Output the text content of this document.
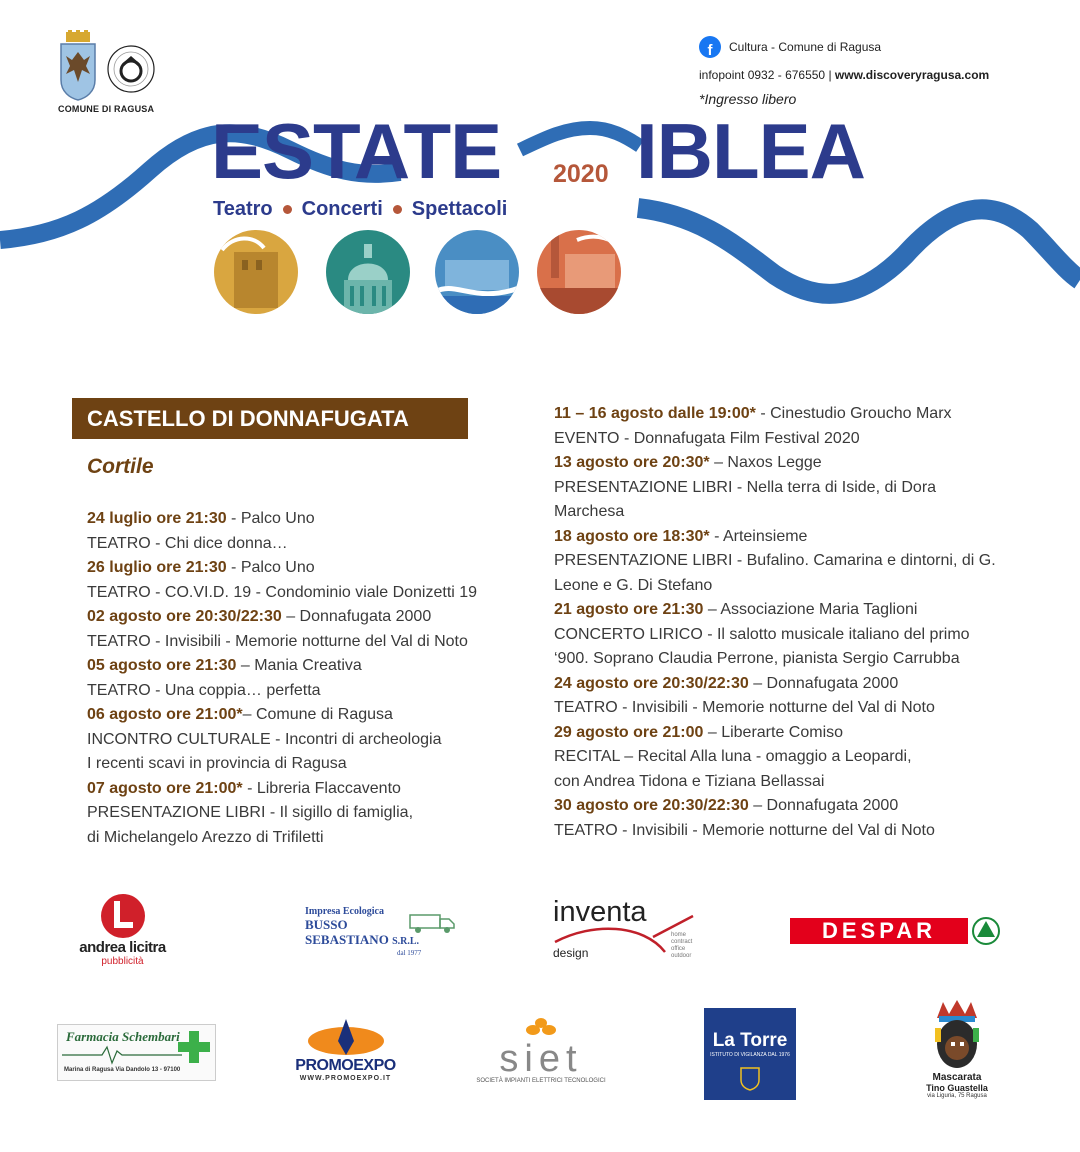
COMUNE DI RAGUSA
f	Cultura - Comune di Ragusa
infopoint 0932 - 676550 | www.discoveryragusa.com
*Ingresso libero
ESTATE IBLEA
2020
Teatro Concerti Spettacoli
CASTELLO DI DONNAFUGATA
Cortile
24 luglio ore 21:30 - Palco Uno
TEATRO - Chi dice donna…
26 luglio ore 21:30 - Palco Uno
TEATRO - CO.VI.D. 19 - Condominio viale Donizetti 19
02 agosto ore 20:30/22:30 – Donnafugata 2000
TEATRO - Invisibili - Memorie notturne del Val di Noto
05 agosto ore 21:30 – Mania Creativa
TEATRO - Una coppia… perfetta
06 agosto ore 21:00*– Comune di Ragusa
INCONTRO CULTURALE - Incontri di archeologia
I recenti scavi in provincia di Ragusa
07 agosto ore 21:00* - Libreria Flaccavento
PRESENTAZIONE LIBRI - Il sigillo di famiglia,
di Michelangelo Arezzo di Trifiletti
11 – 16 agosto dalle 19:00* - Cinestudio Groucho Marx
EVENTO - Donnafugata Film Festival 2020
13 agosto ore 20:30* – Naxos Legge
PRESENTAZIONE LIBRI - Nella terra di Iside, di Dora
Marchesa
18 agosto ore 18:30* - Arteinsieme
PRESENTAZIONE LIBRI - Bufalino. Camarina e dintorni, di G.
Leone e G. Di Stefano
21 agosto ore 21:30 – Associazione Maria Taglioni
CONCERTO LIRICO - Il salotto musicale italiano del primo
‘900. Soprano Claudia Perrone, pianista Sergio Carrubba
24 agosto ore 20:30/22:30 – Donnafugata 2000
TEATRO - Invisibili - Memorie notturne del Val di Noto
29 agosto ore 21:00 – Liberarte Comiso
RECITAL – Recital Alla luna - omaggio a Leopardi,
con Andrea Tidona e Tiziana Bellassai
30 agosto ore 20:30/22:30 – Donnafugata 2000
TEATRO - Invisibili - Memorie notturne del Val di Noto
andrea licitra
pubblicità
Impresa Ecologica
BUSSO
SEBASTIANO S.R.L.
dal 1977
inventa
design
home
contract
office
outdoor
DESPAR
Farmacia Schembari
Marina di Ragusa Via Dandolo 13 - 97100	PROMOEXPO
WWW.PROMOEXPO.IT	siet
SOCIETÀ IMPIANTI ELETTRICI TECNOLOGICI
La Torre
ISTITUTO DI VIGILANZA DAL 1976
Mascarata
Tino Guastella
via Liguria, 75 Ragusa
